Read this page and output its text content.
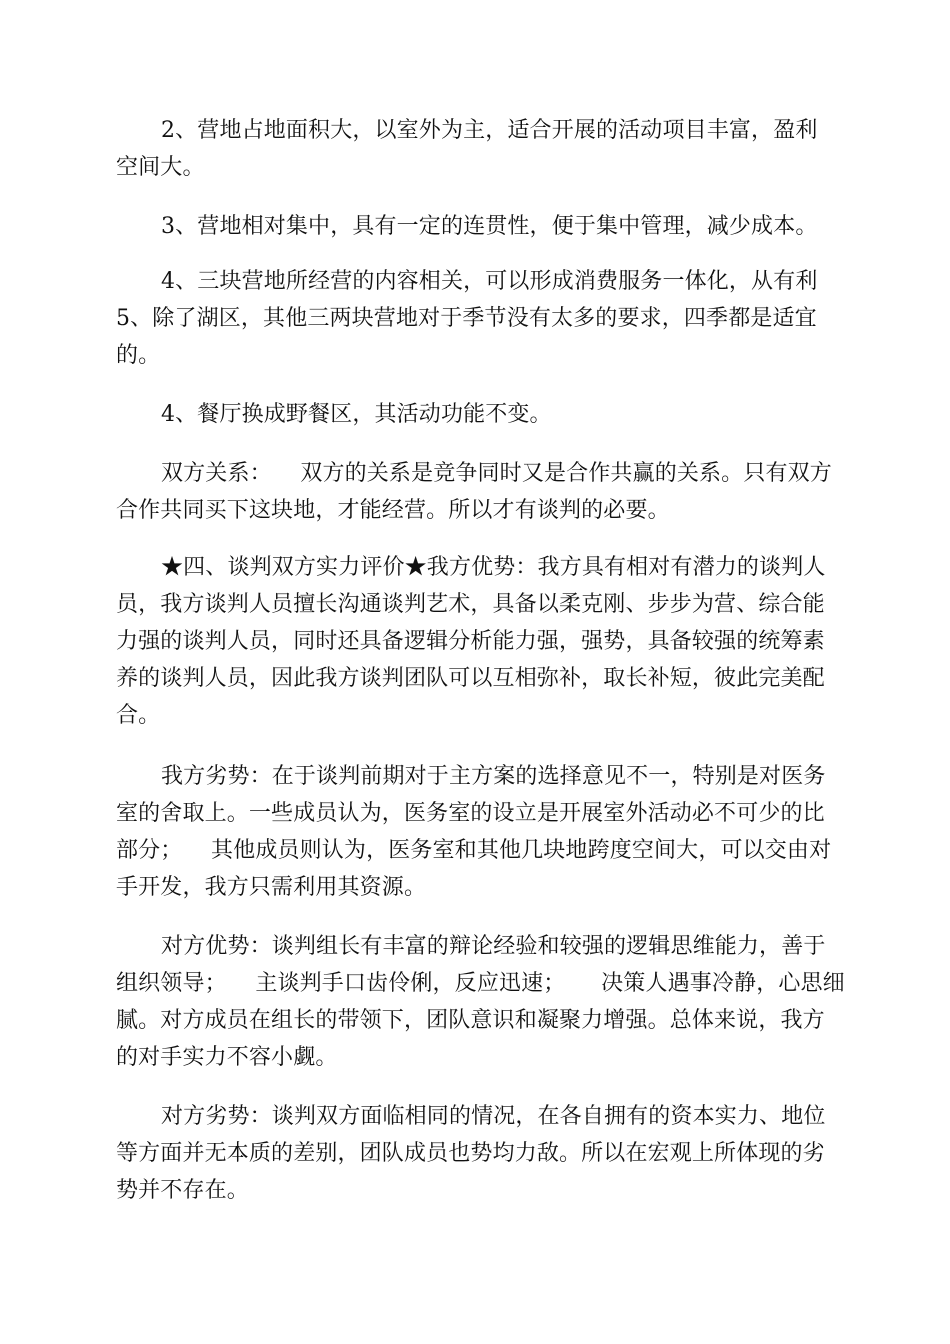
2、营地占地面积大，以室外为主，适合开展的活动项目丰富，盈利
空间大。

3、营地相对集中，具有一定的连贯性，便于集中管理，减少成本。

4、三块营地所经营的内容相关，可以形成消费服务一体化，从有利
5、除了湖区，其他三两块营地对于季节没有太多的要求，四季都是适宜
的。

4、餐厅换成野餐区，其活动功能不变。

双方关系：    双方的关系是竞争同时又是合作共赢的关系。只有双方
合作共同买下这块地，才能经营。所以才有谈判的必要。

★四、谈判双方实力评价★我方优势：我方具有相对有潜力的谈判人
员，我方谈判人员擅长沟通谈判艺术，具备以柔克刚、步步为营、综合能
力强的谈判人员，同时还具备逻辑分析能力强，强势，具备较强的统筹素
养的谈判人员，因此我方谈判团队可以互相弥补，取长补短，彼此完美配
合。

我方劣势：在于谈判前期对于主方案的选择意见不一，特别是对医务
室的舍取上。一些成员认为，医务室的设立是开展室外活动必不可少的比
部分；    其他成员则认为，医务室和其他几块地跨度空间大，可以交由对
手开发，我方只需利用其资源。

对方优势：谈判组长有丰富的辩论经验和较强的逻辑思维能力，善于
组织领导；    主谈判手口齿伶俐，反应迅速；     决策人遇事冷静，心思细
腻。对方成员在组长的带领下，团队意识和凝聚力增强。总体来说，我方
的对手实力不容小觑。

对方劣势：谈判双方面临相同的情况，在各自拥有的资本实力、地位
等方面并无本质的差别，团队成员也势均力敌。所以在宏观上所体现的劣
势并不存在。
